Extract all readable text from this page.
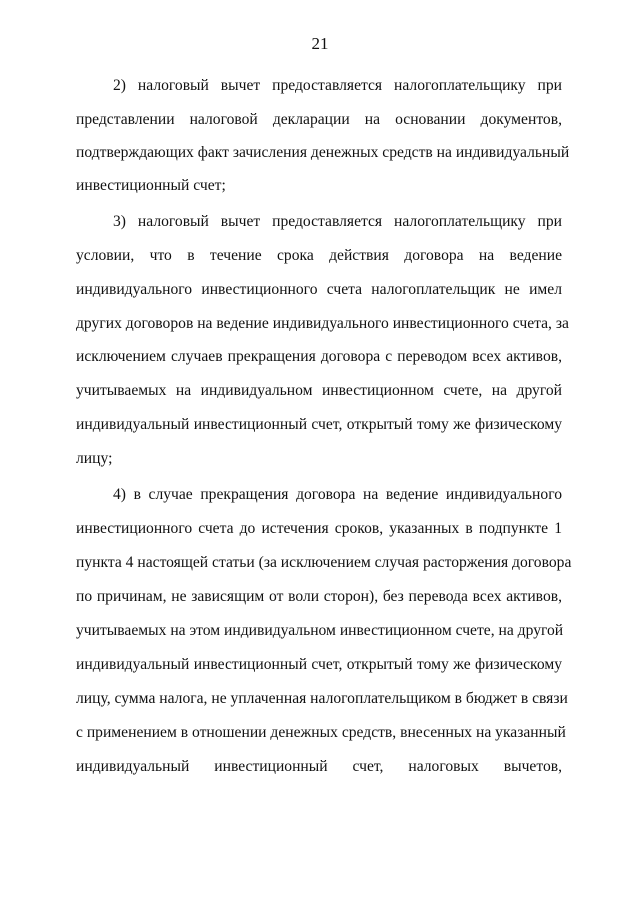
21
2) налоговый вычет предоставляется налогоплательщику при
представлении налоговой декларации на основании документов,
подтверждающих факт зачисления денежных средств на индивидуальный
инвестиционный счет;
3) налоговый вычет предоставляется налогоплательщику при
условии, что в течение срока действия договора на ведение
индивидуального инвестиционного счета налогоплательщик не имел
других договоров на ведение индивидуального инвестиционного счета, за
исключением случаев прекращения договора с переводом всех активов,
учитываемых на индивидуальном инвестиционном счете, на другой
индивидуальный инвестиционный счет, открытый тому же физическому
лицу;
4) в случае прекращения договора на ведение индивидуального
инвестиционного счета до истечения сроков, указанных в подпункте 1
пункта 4 настоящей статьи (за исключением случая расторжения договора
по причинам, не зависящим от воли сторон), без перевода всех активов,
учитываемых на этом индивидуальном инвестиционном счете, на другой
индивидуальный инвестиционный счет, открытый тому же физическому
лицу, сумма налога, не уплаченная налогоплательщиком в бюджет в связи
с применением в отношении денежных средств, внесенных на указанный
индивидуальный инвестиционный счет, налоговых вычетов,
